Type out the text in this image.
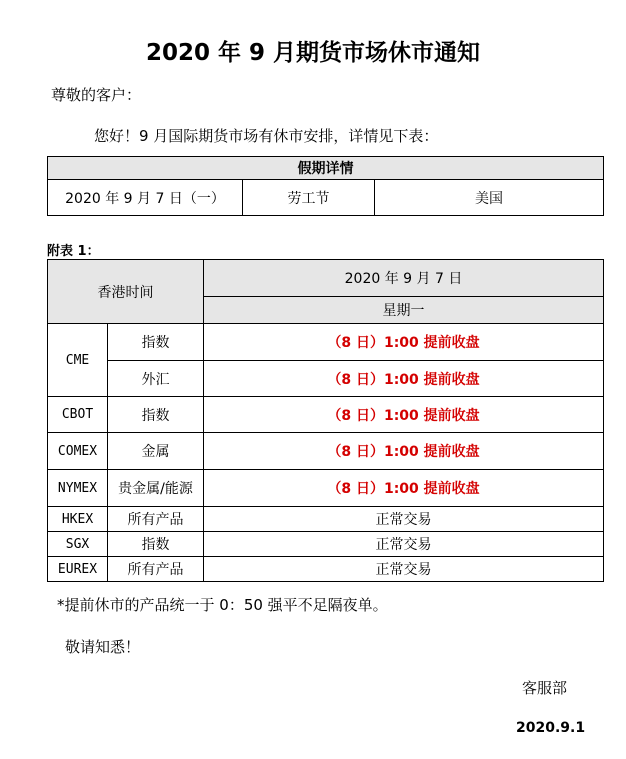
2020 年 9 月期货市场休市通知
尊敬的客户：
您好！9 月国际期货市场有休市安排，详情见下表：
假期详情
2020 年 9 月 7 日（一）	劳工节	美国
附表 1：
香港时间		2020 年 9 月 7 日
		星期一
CME	指数	（8 日）1:00 提前收盘
	外汇	（8 日）1:00 提前收盘
CBOT	指数	（8 日）1:00 提前收盘
COMEX	金属	（8 日）1:00 提前收盘
NYMEX	贵金属/能源	（8 日）1:00 提前收盘
HKEX	所有产品	正常交易
SGX	指数	正常交易
EUREX	所有产品	正常交易
*提前休市的产品统一于 0：50 强平不足隔夜单。
敬请知悉！
客服部
2020.9.1
